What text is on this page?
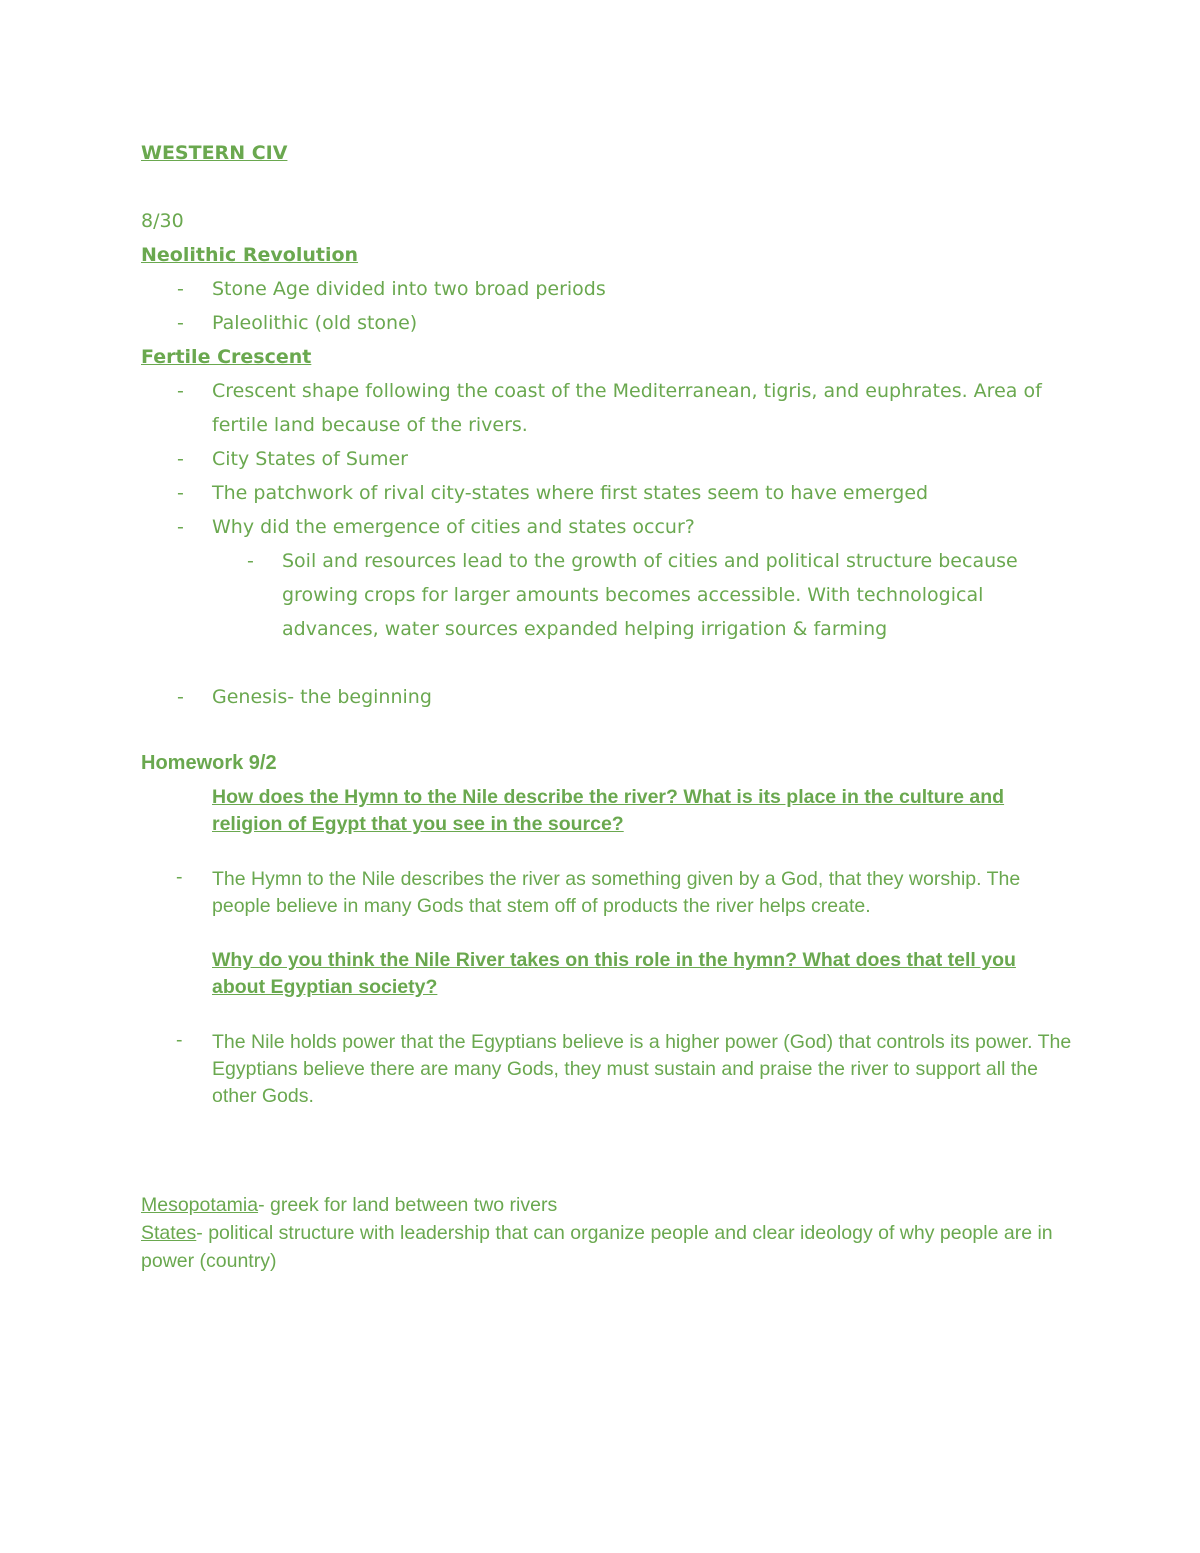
WESTERN CIV
8/30
Neolithic Revolution
-	Stone Age divided into two broad periods
-	Paleolithic (old stone)
Fertile Crescent
-	Crescent shape following the coast of the Mediterranean, tigris, and euphrates. Area of
fertile land because of the rivers.
-	City States of Sumer
-	The patchwork of rival city-states where first states seem to have emerged
-	Why did the emergence of cities and states occur?
-	Soil and resources lead to the growth of cities and political structure because
growing crops for larger amounts becomes accessible. With technological
advances, water sources expanded helping irrigation & farming
-	Genesis- the beginning
Homework 9/2
How does the Hymn to the Nile describe the river? What is its place in the culture and religion of Egypt that you see in the source?
- The Hymn to the Nile describes the river as something given by a God, that they worship. The people believe in many Gods that stem off of products the river helps create.
Why do you think the Nile River takes on this role in the hymn? What does that tell you about Egyptian society?
- The Nile holds power that the Egyptians believe is a higher power (God) that controls its power. The Egyptians believe there are many Gods, they must sustain and praise the river to support all the other Gods.
Mesopotamia- greek for land between two rivers
States- political structure with leadership that can organize people and clear ideology of why people are in power (country)
